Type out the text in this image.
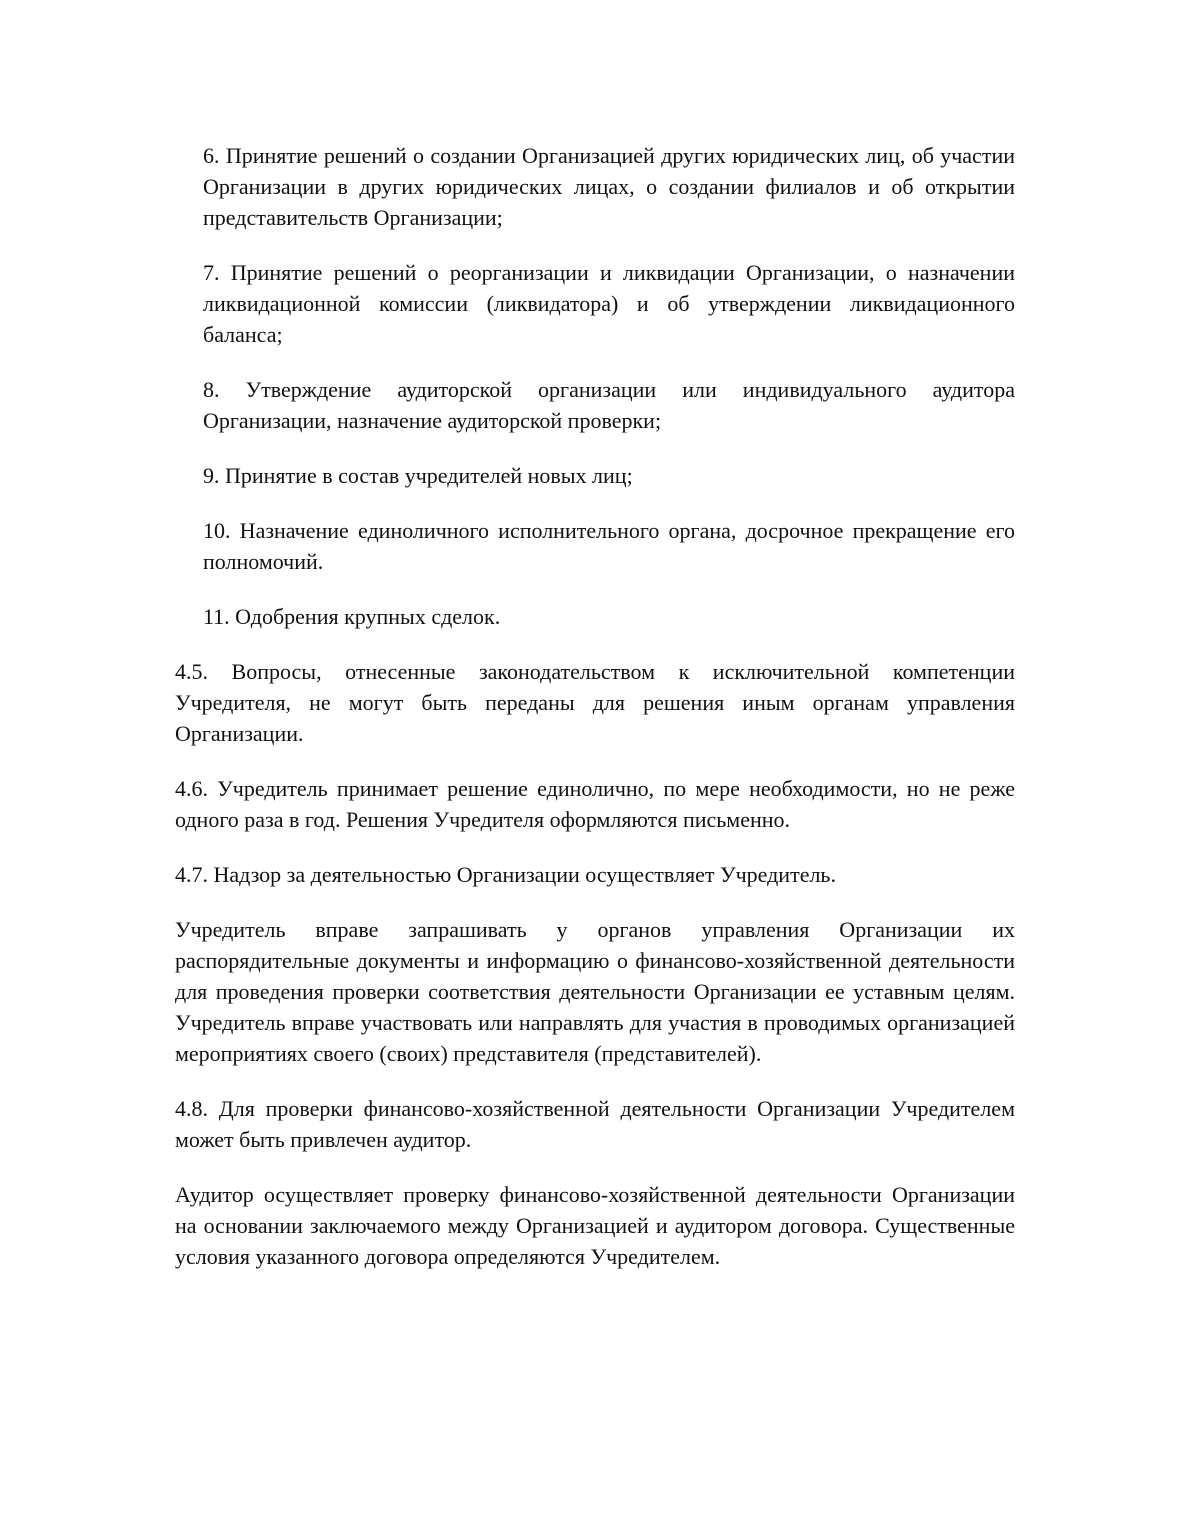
6. Принятие решений о создании Организацией других юридических лиц, об участии Организации в других юридических лицах, о создании филиалов и об открытии представительств Организации;

7. Принятие решений о реорганизации и ликвидации Организации, о назначении ликвидационной комиссии (ликвидатора) и об утверждении ликвидационного баланса;

8. Утверждение аудиторской организации или индивидуального аудитора Организации, назначение аудиторской проверки;

9. Принятие в состав учредителей новых лиц;

10. Назначение единоличного исполнительного органа, досрочное прекращение его полномочий.

11. Одобрения крупных сделок.

4.5. Вопросы, отнесенные законодательством к исключительной компетенции Учредителя, не могут быть переданы для решения иным органам управления Организации.

4.6. Учредитель принимает решение единолично, по мере необходимости, но не реже одного раза в год. Решения Учредителя оформляются письменно.

4.7. Надзор за деятельностью Организации осуществляет Учредитель.

Учредитель вправе запрашивать у органов управления Организации их распорядительные документы и информацию о финансово-хозяйственной деятельности для проведения проверки соответствия деятельности Организации ее уставным целям. Учредитель вправе участвовать или направлять для участия в проводимых организацией мероприятиях своего (своих) представителя (представителей).

4.8. Для проверки финансово-хозяйственной деятельности Организации Учредителем может быть привлечен аудитор.

Аудитор осуществляет проверку финансово-хозяйственной деятельности Организации на основании заключаемого между Организацией и аудитором договора. Существенные условия указанного договора определяются Учредителем.
